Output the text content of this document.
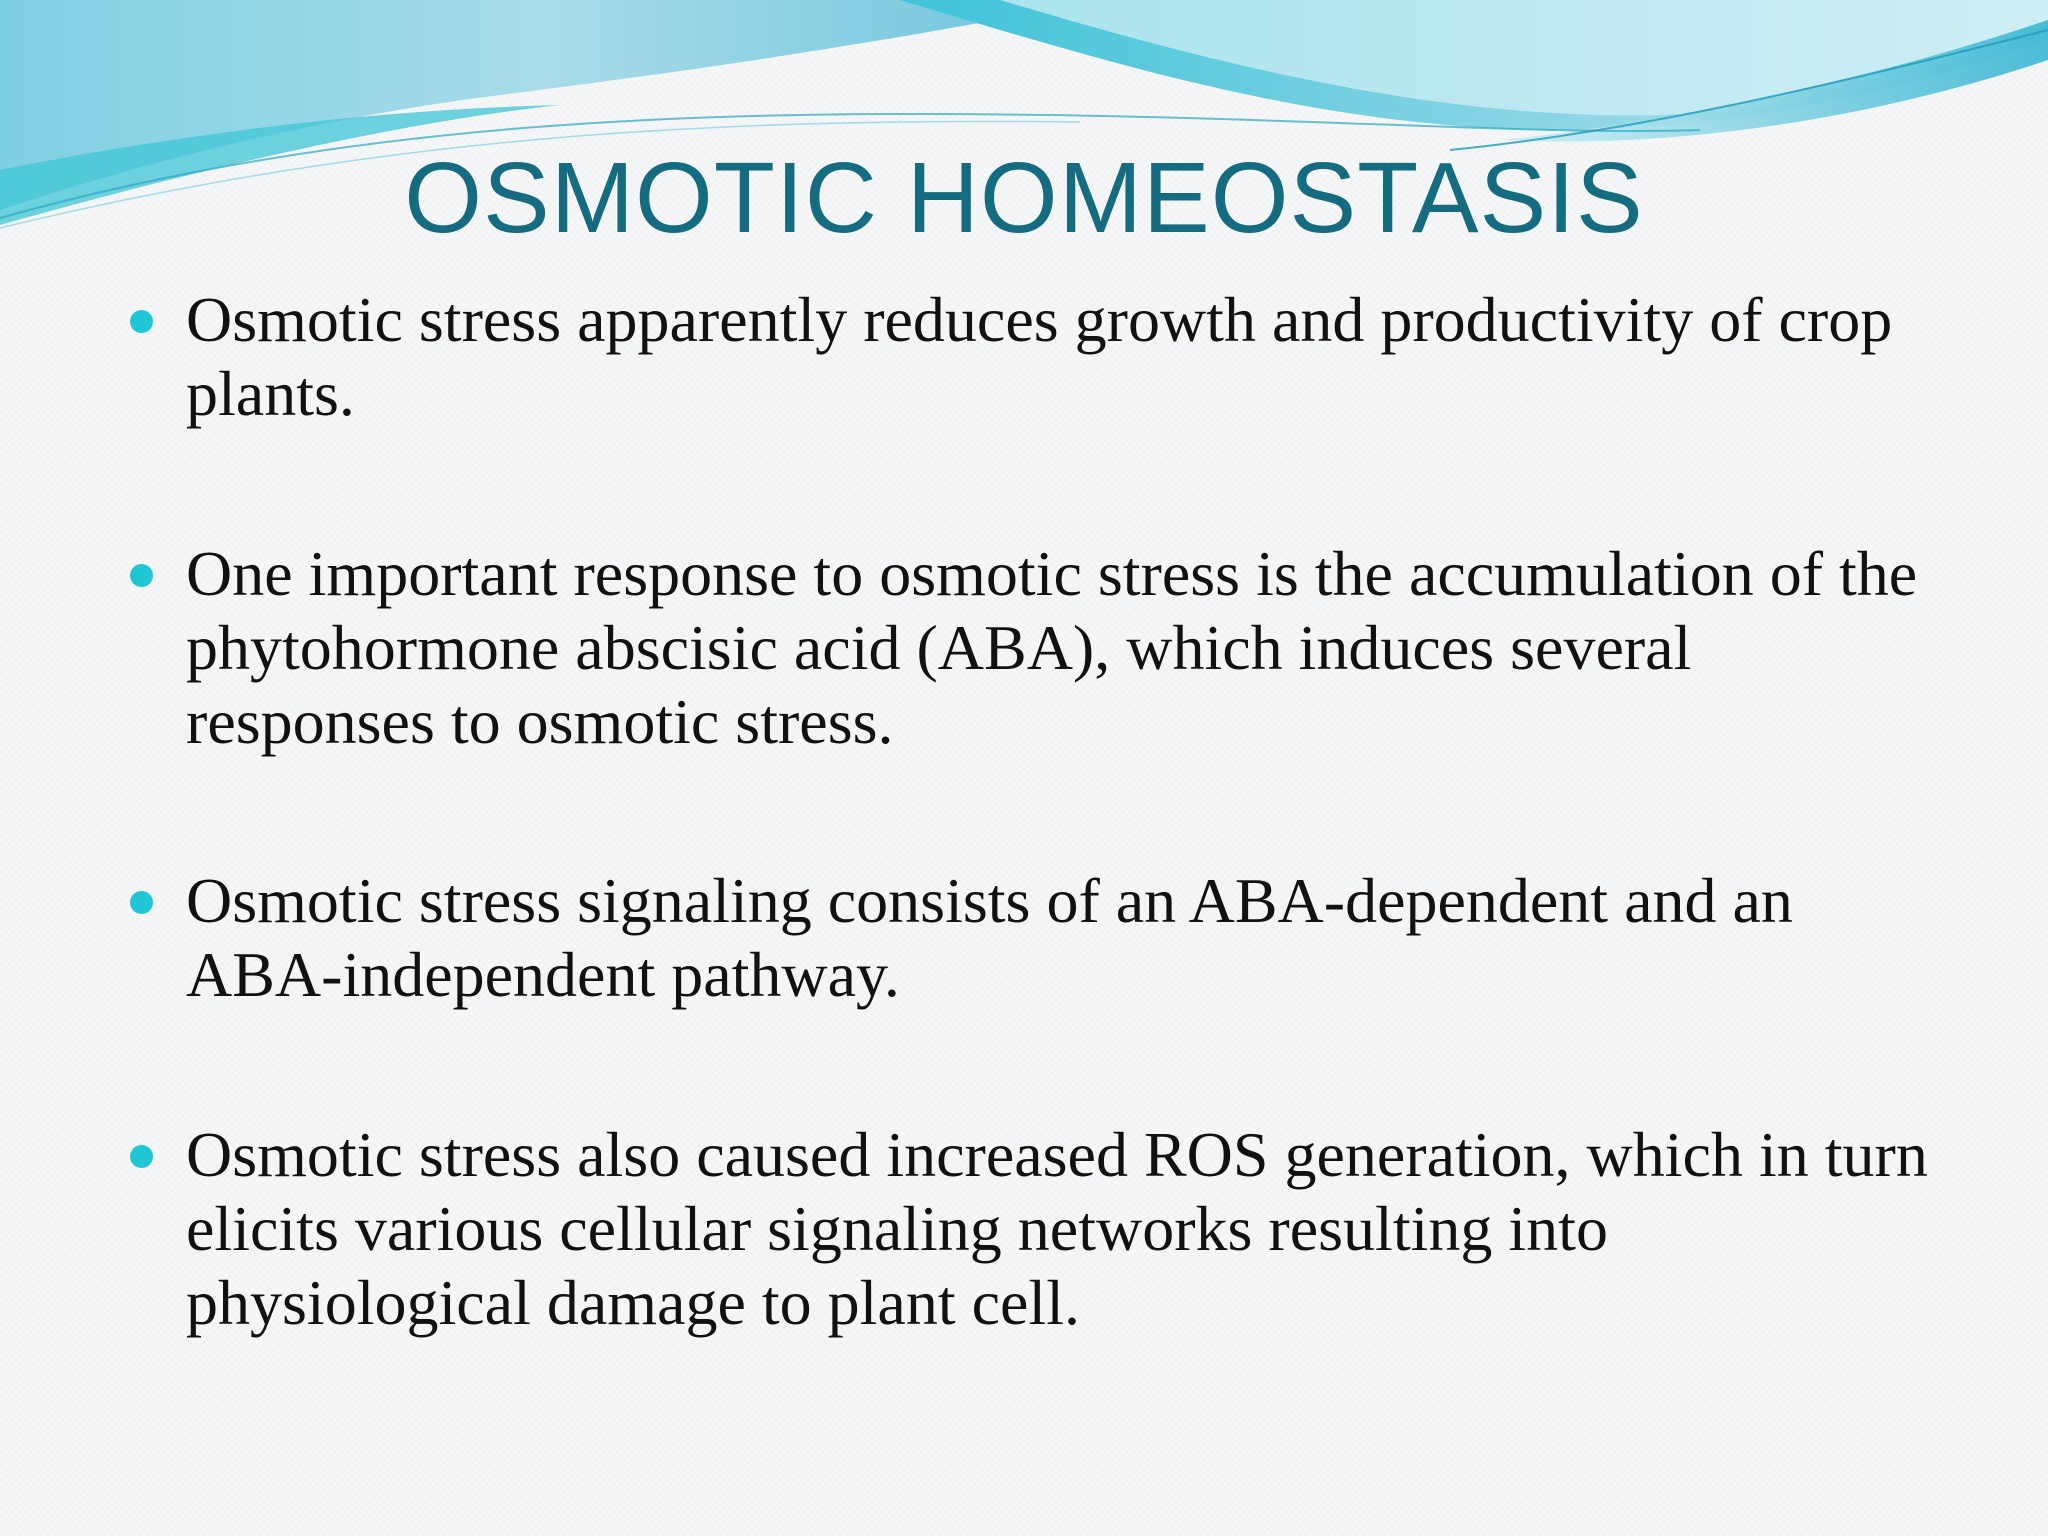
OSMOTIC HOMEOSTASIS
Osmotic stress apparently reduces growth and productivity of crop plants.
One important response to osmotic stress is the accumulation of the phytohormone abscisic acid (ABA), which induces several responses to osmotic stress.
Osmotic stress signaling consists of an ABA-dependent and an ABA-independent pathway.
Osmotic stress also caused increased ROS generation, which in turn elicits various cellular signaling networks resulting into physiological damage to plant cell.
